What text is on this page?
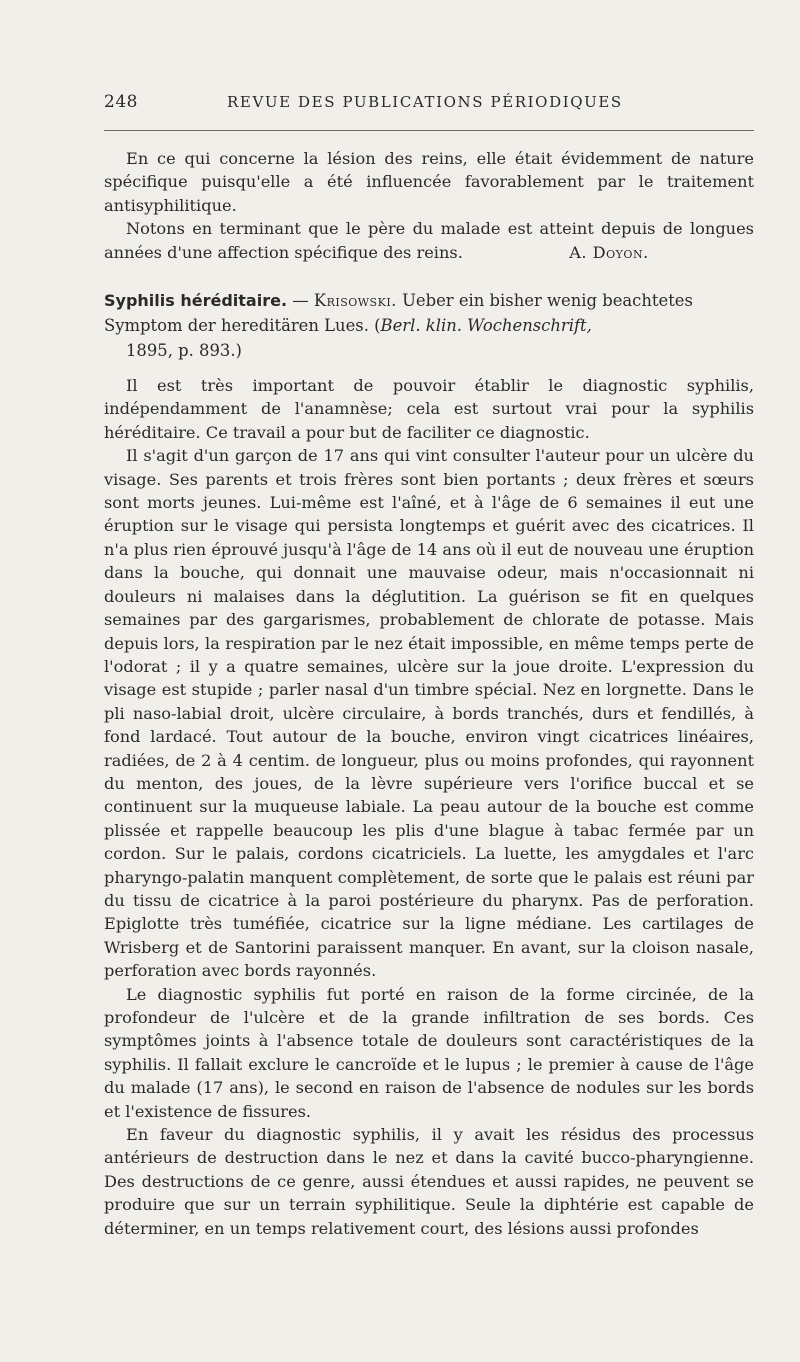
248	REVUE DES PUBLICATIONS PÉRIODIQUES

En ce qui concerne la lésion des reins, elle était évidemment de nature spécifique puisqu'elle a été influencée favorablement par le traitement antisyphilitique.

Notons en terminant que le père du malade est atteint depuis de longues années d'une affection spécifique des reins.	A. Doyon.

Syphilis héréditaire. — Krisowski. Ueber ein bisher wenig beachtetes Symptom der hereditären Lues. (Berl. klin. Wochenschrift,
1895, p. 893.)

Il est très important de pouvoir établir le diagnostic syphilis, indépendamment de l'anamnèse; cela est surtout vrai pour la syphilis héréditaire. Ce travail a pour but de faciliter ce diagnostic.

Il s'agit d'un garçon de 17 ans qui vint consulter l'auteur pour un ulcère du visage. Ses parents et trois frères sont bien portants ; deux frères et sœurs sont morts jeunes. Lui-même est l'aîné, et à l'âge de 6 semaines il eut une éruption sur le visage qui persista longtemps et guérit avec des cicatrices. Il n'a plus rien éprouvé jusqu'à l'âge de 14 ans où il eut de nouveau une éruption dans la bouche, qui donnait une mauvaise odeur, mais n'occasionnait ni douleurs ni malaises dans la déglutition. La guérison se fit en quelques semaines par des gargarismes, probablement de chlorate de potasse. Mais depuis lors, la respiration par le nez était impossible, en même temps perte de l'odorat ; il y a quatre semaines, ulcère sur la joue droite. L'expression du visage est stupide ; parler nasal d'un timbre spécial. Nez en lorgnette. Dans le pli naso-labial droit, ulcère circulaire, à bords tranchés, durs et fendillés, à fond lardacé. Tout autour de la bouche, environ vingt cicatrices linéaires, radiées, de 2 à 4 centim. de longueur, plus ou moins profondes, qui rayonnent du menton, des joues, de la lèvre supérieure vers l'orifice buccal et se continuent sur la muqueuse labiale. La peau autour de la bouche est comme plissée et rappelle beaucoup les plis d'une blague à tabac fermée par un cordon. Sur le palais, cordons cicatriciels. La luette, les amygdales et l'arc pharyngo-palatin manquent complètement, de sorte que le palais est réuni par du tissu de cicatrice à la paroi postérieure du pharynx. Pas de perforation. Epiglotte très tuméfiée, cicatrice sur la ligne médiane. Les cartilages de Wrisberg et de Santorini paraissent manquer. En avant, sur la cloison nasale, perforation avec bords rayonnés.

Le diagnostic syphilis fut porté en raison de la forme circinée, de la profondeur de l'ulcère et de la grande infiltration de ses bords. Ces symptômes joints à l'absence totale de douleurs sont caractéristiques de la syphilis. Il fallait exclure le cancroïde et le lupus ; le premier à cause de l'âge du malade (17 ans), le second en raison de l'absence de nodules sur les bords et l'existence de fissures.

En faveur du diagnostic syphilis, il y avait les résidus des processus antérieurs de destruction dans le nez et dans la cavité bucco-pharyngienne. Des destructions de ce genre, aussi étendues et aussi rapides, ne peuvent se produire que sur un terrain syphilitique. Seule la diphtérie est capable de déterminer, en un temps relativement court, des lésions aussi profondes
